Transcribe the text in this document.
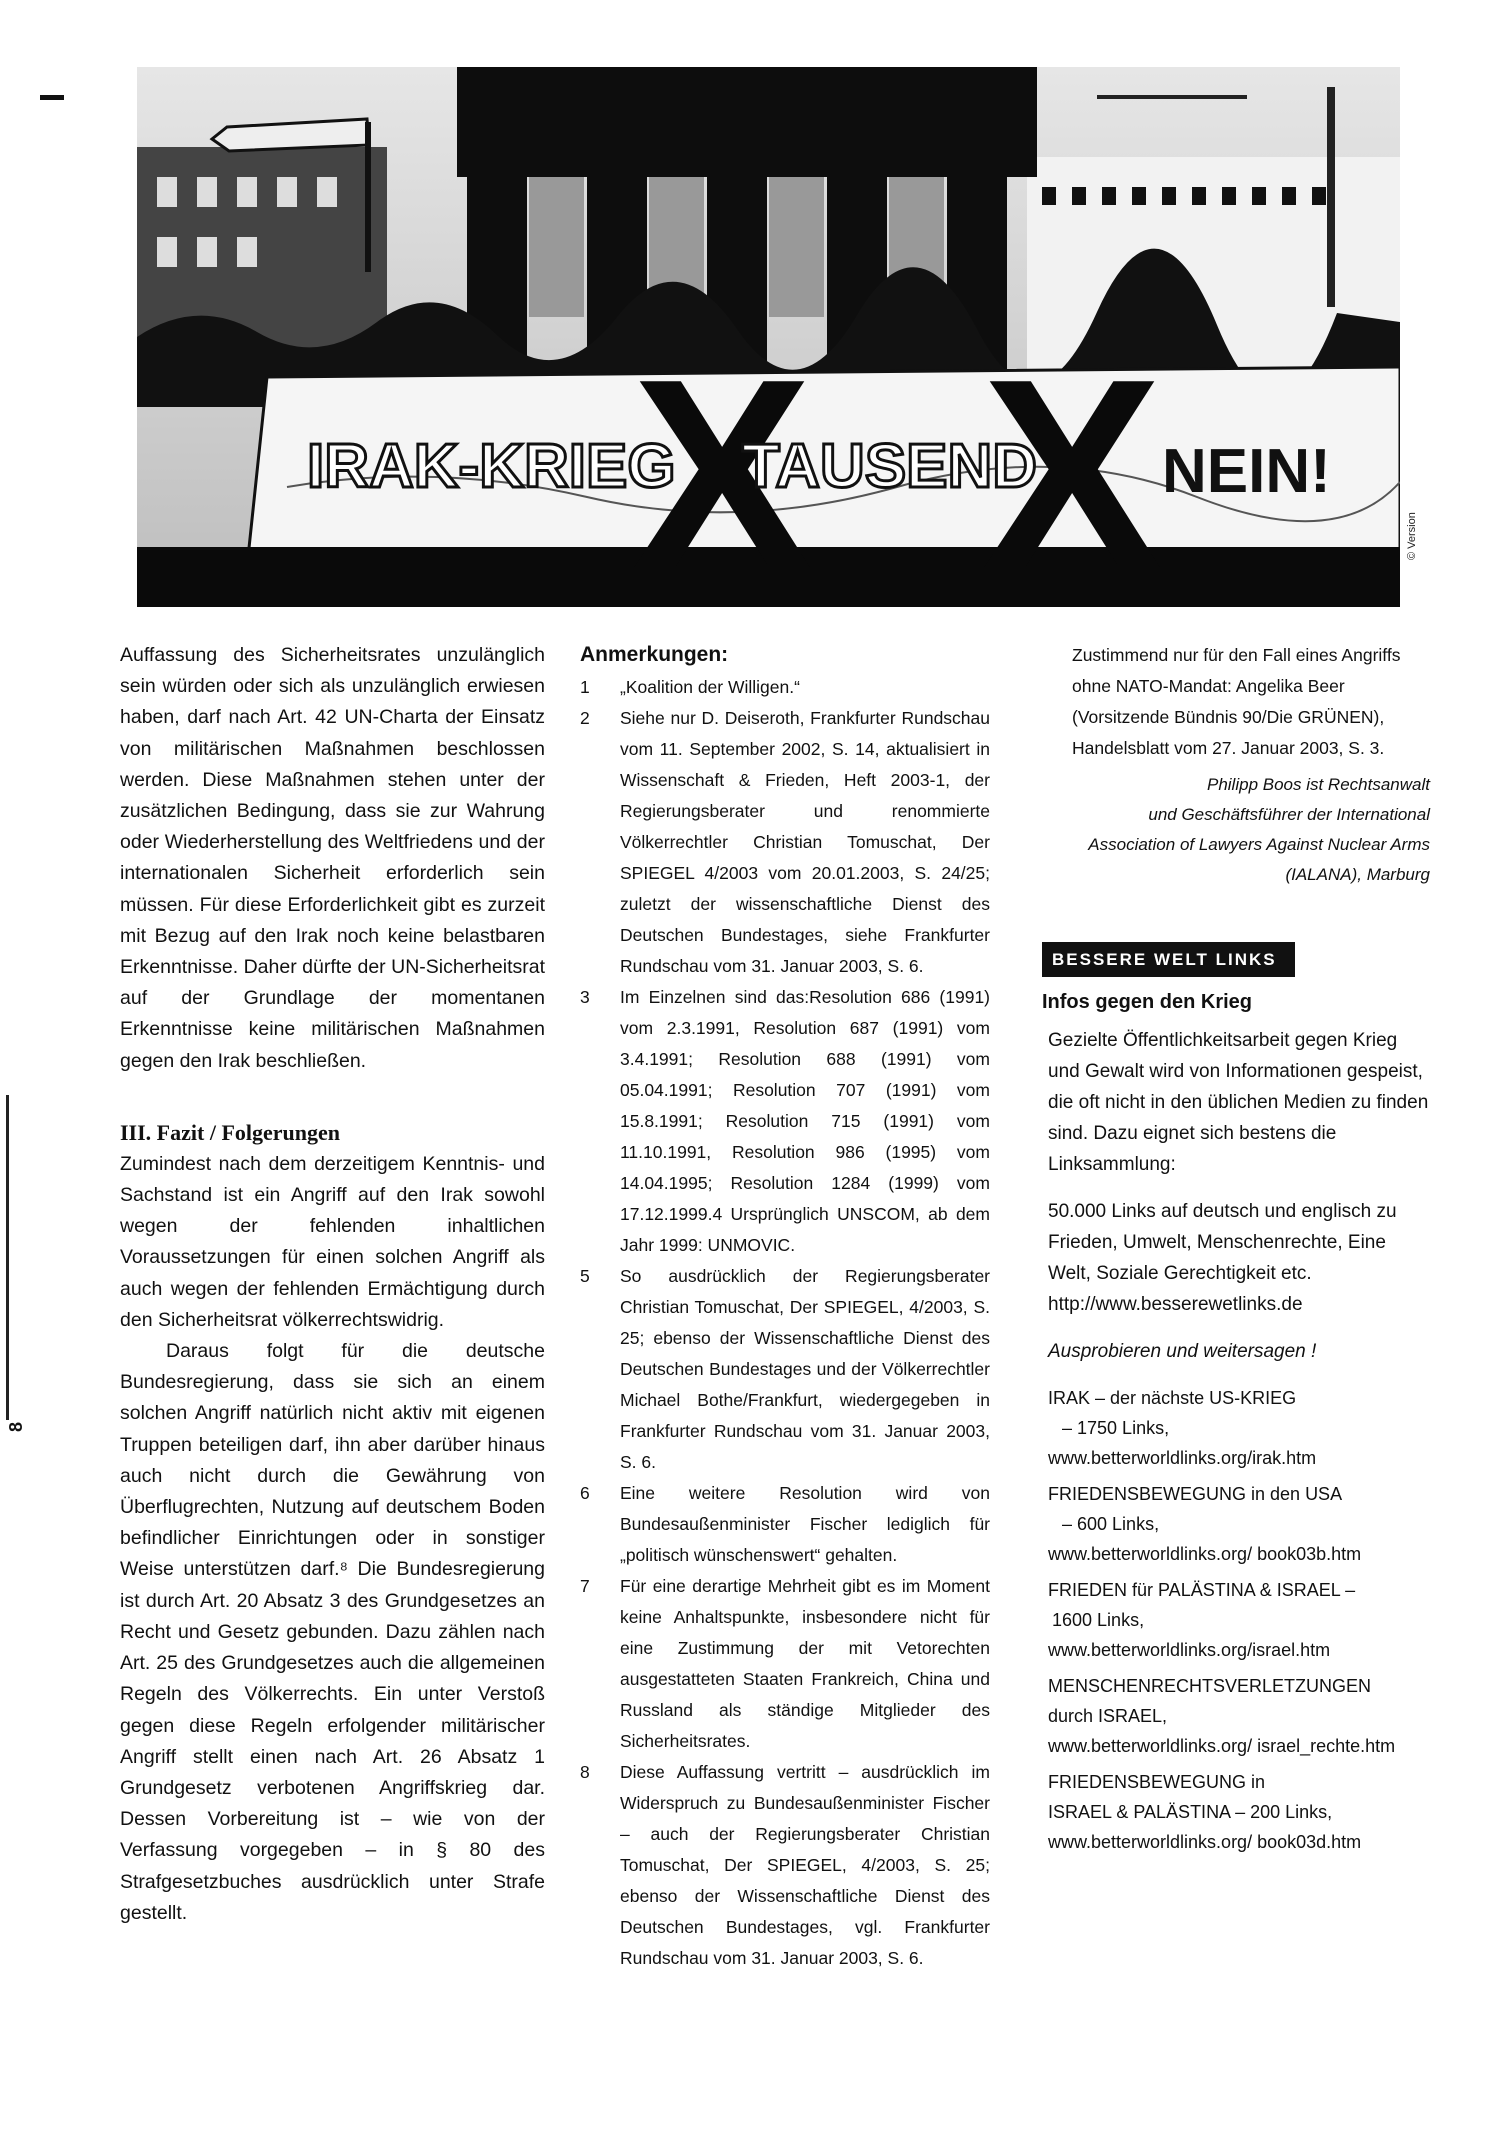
X X
IRAK-KRIEG TAUSEND NEIN!
© Version
8

Auffassung des Sicherheitsrates unzulänglich sein würden oder sich als unzulänglich erwiesen haben, darf nach Art. 42 UN-Charta der Einsatz von militärischen Maßnahmen beschlossen werden. Diese Maßnahmen stehen unter der zusätzlichen Bedingung, dass sie zur Wahrung oder Wiederherstellung des Weltfriedens und der internationalen Sicherheit erforderlich sein müssen. Für diese Erforderlichkeit gibt es zurzeit mit Bezug auf den Irak noch keine belastbaren Erkenntnisse. Daher dürfte der UN-Sicherheitsrat auf der Grundlage der momentanen Erkenntnisse keine militärischen Maßnahmen gegen den Irak beschließen.

III. Fazit / Folgerungen

Zumindest nach dem derzeitigem Kenntnis- und Sachstand ist ein Angriff auf den Irak sowohl wegen der fehlenden inhaltlichen Voraussetzungen für einen solchen Angriff als auch wegen der fehlenden Ermächtigung durch den Sicherheitsrat völkerrechtswidrig.

Daraus folgt für die deutsche Bundesregierung, dass sie sich an einem solchen Angriff natürlich nicht aktiv mit eigenen Truppen beteiligen darf, ihn aber darüber hinaus auch nicht durch die Gewährung von Überflugrechten, Nutzung auf deutschem Boden befindlicher Einrichtungen oder in sonstiger Weise unterstützen darf.⁸ Die Bundesregierung ist durch Art. 20 Absatz 3 des Grundgesetzes an Recht und Gesetz gebunden. Dazu zählen nach Art. 25 des Grundgesetzes auch die allgemeinen Regeln des Völkerrechts. Ein unter Verstoß gegen diese Regeln erfolgender militärischer Angriff stellt einen nach Art. 26 Absatz 1 Grundgesetz verbotenen Angriffskrieg dar. Dessen Vorbereitung ist – wie von der Verfassung vorgegeben – in § 80 des Strafgesetzbuches ausdrücklich unter Strafe gestellt.

Anmerkungen:
1	„Koalition der Willigen.“
2	Siehe nur D. Deiseroth, Frankfurter Rundschau vom 11. September 2002, S. 14, aktualisiert in Wissenschaft & Frieden, Heft 2003-1, der Regierungsberater und renommierte Völkerrechtler Christian Tomuschat, Der SPIEGEL 4/2003 vom 20.01.2003, S. 24/25; zuletzt der wissenschaftliche Dienst des Deutschen Bundestages, siehe Frankfurter Rundschau vom 31. Januar 2003, S. 6.
3	Im Einzelnen sind das:Resolution 686 (1991) vom 2.3.1991, Resolution 687 (1991) vom 3.4.1991; Resolution 688 (1991) vom 05.04.1991; Resolution 707 (1991) vom 15.8.1991; Resolution 715 (1991) vom 11.10.1991, Resolution 986 (1995) vom 14.04.1995; Resolution 1284 (1999) vom 17.12.1999.4 Ursprünglich UNSCOM, ab dem Jahr 1999: UNMOVIC.
5	So ausdrücklich der Regierungsberater Christian Tomuschat, Der SPIEGEL, 4/2003, S. 25; ebenso der Wissenschaftliche Dienst des Deutschen Bundestages und der Völkerrechtler Michael Bothe/Frankfurt, wiedergegeben in Frankfurter Rundschau vom 31. Januar 2003, S. 6.
6	Eine weitere Resolution wird von Bundesaußenminister Fischer lediglich für „politisch wünschenswert“ gehalten.
7	Für eine derartige Mehrheit gibt es im Moment keine Anhaltspunkte, insbesondere nicht für eine Zustimmung der mit Vetorechten ausgestatteten Staaten Frankreich, China und Russland als ständige Mitglieder des Sicherheitsrates.
8	Diese Auffassung vertritt – ausdrücklich im Widerspruch zu Bundesaußenminister Fischer – auch der Regierungsberater Christian Tomuschat, Der SPIEGEL, 4/2003, S. 25; ebenso der Wissenschaftliche Dienst des Deutschen Bundestages, vgl. Frankfurter Rundschau vom 31. Januar 2003, S. 6.
Zustimmend nur für den Fall eines Angriffs ohne NATO-Mandat: Angelika Beer (Vorsitzende Bündnis 90/Die GRÜNEN), Handelsblatt vom 27. Januar 2003, S. 3.
Philipp Boos ist Rechtsanwalt
und Geschäftsführer der International
Association of Lawyers Against Nuclear Arms
(IALANA), Marburg
BESSERE WELT LINKS
Infos gegen den Krieg

Gezielte Öffentlichkeitsarbeit gegen Krieg und Gewalt wird von Informationen gespeist, die oft nicht in den üblichen Medien zu finden sind. Dazu eignet sich bestens die Linksammlung:

50.000 Links auf deutsch und englisch zu Frieden, Umwelt, Menschenrechte, Eine Welt, Soziale Gerechtigkeit etc.
http://www.besserewetlinks.de

Ausprobieren und weitersagen !

IRAK – der nächste US-KRIEG
– 1750 Links,
www.betterworldlinks.org/irak.htm
FRIEDENSBEWEGUNG in den USA
– 600 Links,
www.betterworldlinks.org/ book03b.htm
FRIEDEN für PALÄSTINA & ISRAEL –
1600 Links,
www.betterworldlinks.org/israel.htm
MENSCHENRECHTSVERLETZUNGEN
durch ISRAEL,
www.betterworldlinks.org/ israel_rechte.htm
FRIEDENSBEWEGUNG in
ISRAEL & PALÄSTINA – 200 Links,
www.betterworldlinks.org/ book03d.htm
